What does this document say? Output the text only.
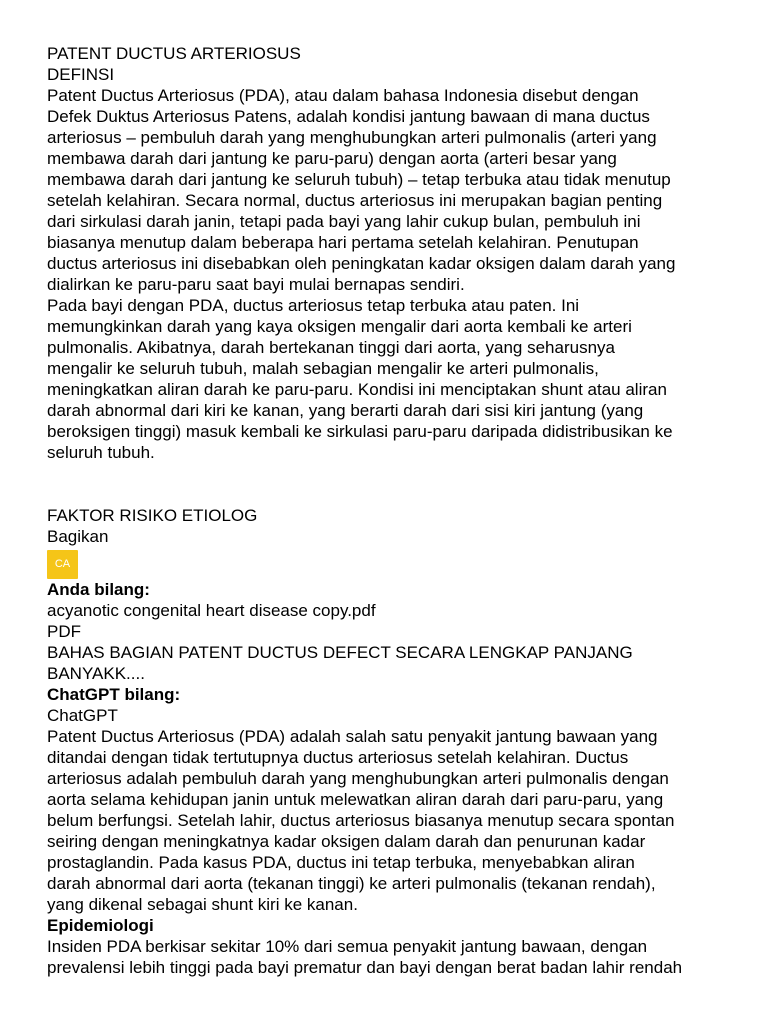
PATENT DUCTUS ARTERIOSUS
DEFINSI
Patent Ductus Arteriosus (PDA), atau dalam bahasa Indonesia disebut dengan
Defek Duktus Arteriosus Patens, adalah kondisi jantung bawaan di mana ductus
arteriosus – pembuluh darah yang menghubungkan arteri pulmonalis (arteri yang
membawa darah dari jantung ke paru-paru) dengan aorta (arteri besar yang
membawa darah dari jantung ke seluruh tubuh) – tetap terbuka atau tidak menutup
setelah kelahiran. Secara normal, ductus arteriosus ini merupakan bagian penting
dari sirkulasi darah janin, tetapi pada bayi yang lahir cukup bulan, pembuluh ini
biasanya menutup dalam beberapa hari pertama setelah kelahiran. Penutupan
ductus arteriosus ini disebabkan oleh peningkatan kadar oksigen dalam darah yang
dialirkan ke paru-paru saat bayi mulai bernapas sendiri.
Pada bayi dengan PDA, ductus arteriosus tetap terbuka atau paten. Ini
memungkinkan darah yang kaya oksigen mengalir dari aorta kembali ke arteri
pulmonalis. Akibatnya, darah bertekanan tinggi dari aorta, yang seharusnya
mengalir ke seluruh tubuh, malah sebagian mengalir ke arteri pulmonalis,
meningkatkan aliran darah ke paru-paru. Kondisi ini menciptakan shunt atau aliran
darah abnormal dari kiri ke kanan, yang berarti darah dari sisi kiri jantung (yang
beroksigen tinggi) masuk kembali ke sirkulasi paru-paru daripada didistribusikan ke
seluruh tubuh.
FAKTOR RISIKO ETIOLOG
Bagikan
CA
Anda bilang:
acyanotic congenital heart disease copy.pdf
PDF
BAHAS BAGIAN PATENT DUCTUS DEFECT SECARA LENGKAP PANJANG
BANYAKK....
ChatGPT bilang:
ChatGPT
Patent Ductus Arteriosus (PDA) adalah salah satu penyakit jantung bawaan yang
ditandai dengan tidak tertutupnya ductus arteriosus setelah kelahiran. Ductus
arteriosus adalah pembuluh darah yang menghubungkan arteri pulmonalis dengan
aorta selama kehidupan janin untuk melewatkan aliran darah dari paru-paru, yang
belum berfungsi. Setelah lahir, ductus arteriosus biasanya menutup secara spontan
seiring dengan meningkatnya kadar oksigen dalam darah dan penurunan kadar
prostaglandin. Pada kasus PDA, ductus ini tetap terbuka, menyebabkan aliran
darah abnormal dari aorta (tekanan tinggi) ke arteri pulmonalis (tekanan rendah),
yang dikenal sebagai shunt kiri ke kanan.
Epidemiologi
Insiden PDA berkisar sekitar 10% dari semua penyakit jantung bawaan, dengan
prevalensi lebih tinggi pada bayi prematur dan bayi dengan berat badan lahir rendah
